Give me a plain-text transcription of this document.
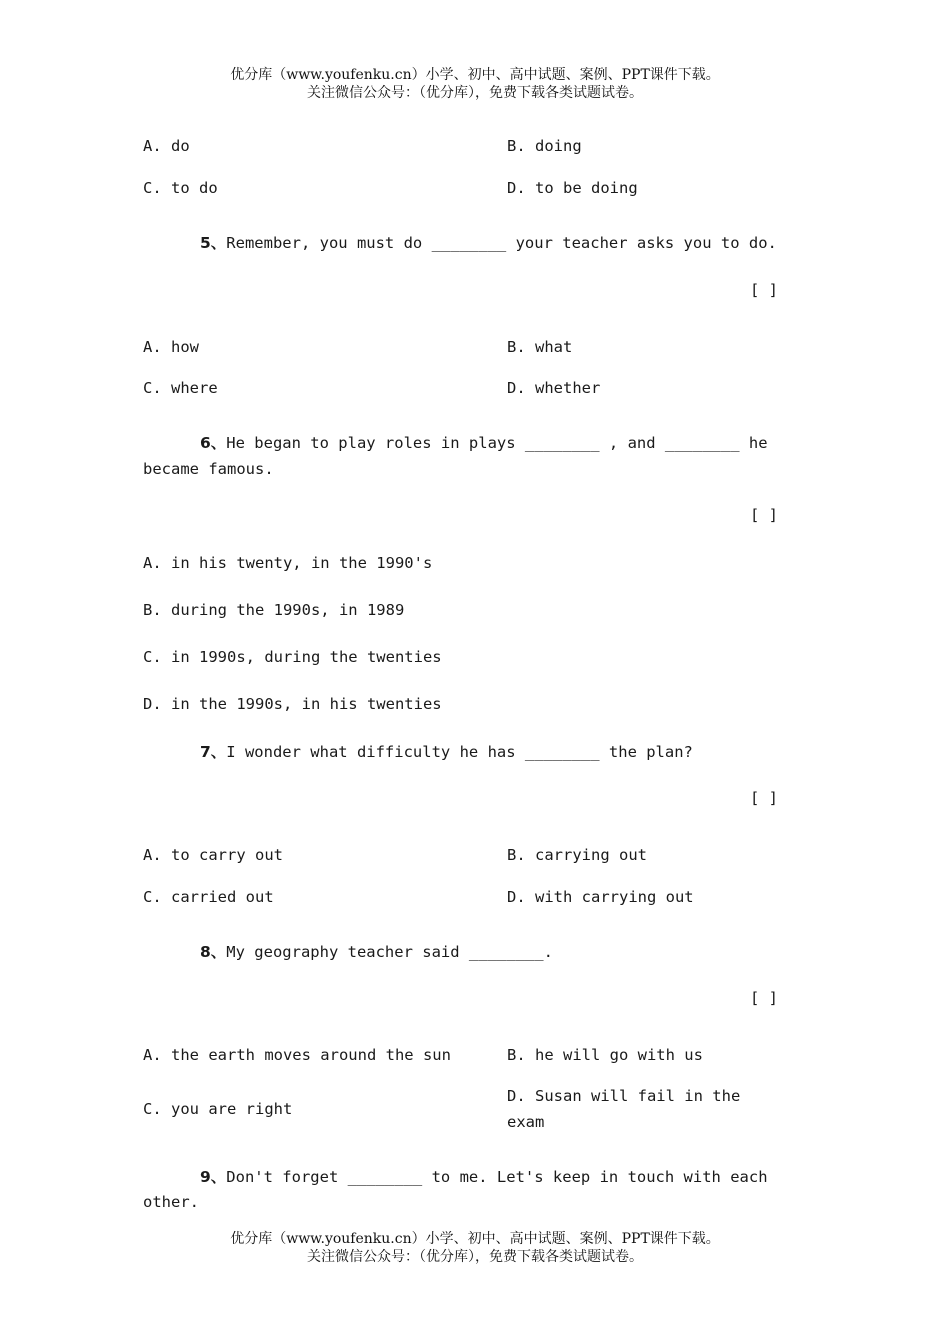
优分库（www.youfenku.cn）小学、初中、高中试题、案例、PPT课件下载。
关注微信公众号：（优分库），免费下载各类试题试卷。
A. do	B. doing
C. to do	D. to be doing
5、Remember, you must do ________ your teacher asks you to do.
[ ]
A. how	B. what
C. where	D. whether
6、He began to play roles in plays ________ , and ________ he
became famous.
[ ]
A. in his twenty, in the 1990's
B. during the 1990s, in 1989
C. in 1990s, during the twenties
D. in the 1990s, in his twenties
7、I wonder what difficulty he has ________ the plan?
[ ]
A. to carry out	B. carrying out
C. carried out	D. with carrying out
8、My geography teacher said ________.
[ ]
A. the earth moves around the sun	B. he will go with us
C. you are right
D. Susan will fail in the
exam
9、Don't forget ________ to me. Let's keep in touch with each
other.
优分库（www.youfenku.cn）小学、初中、高中试题、案例、PPT课件下载。
关注微信公众号：（优分库），免费下载各类试题试卷。
